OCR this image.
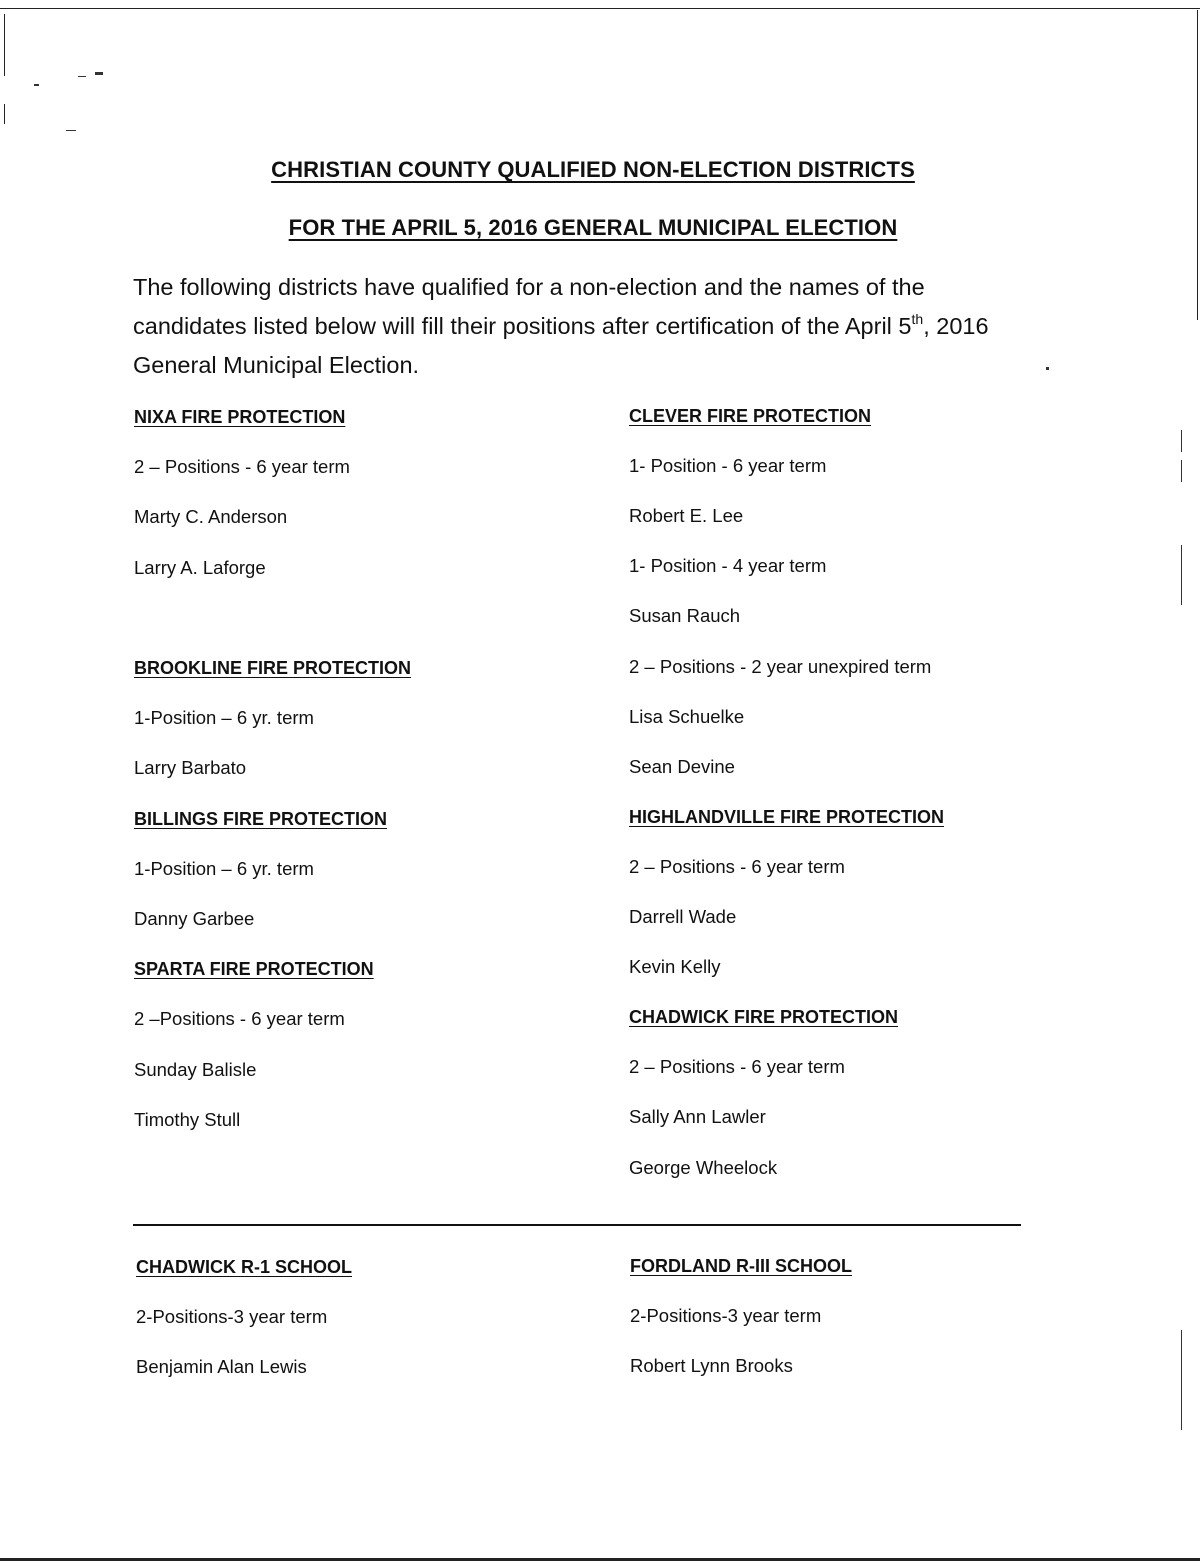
CHRISTIAN COUNTY QUALIFIED NON-ELECTION DISTRICTS
FOR THE APRIL 5, 2016 GENERAL MUNICIPAL ELECTION
The following districts have qualified for a non-election and the names of the candidates listed below will fill their positions after certification of the April 5th, 2016 General Municipal Election.
NIXA FIRE PROTECTION
2 – Positions - 6 year term
Marty C. Anderson
Larry A. Laforge
BROOKLINE FIRE PROTECTION
1-Position – 6 yr. term
Larry Barbato
BILLINGS FIRE PROTECTION
1-Position – 6 yr. term
Danny Garbee
SPARTA FIRE PROTECTION
2 –Positions - 6 year term
Sunday Balisle
Timothy Stull
CLEVER FIRE PROTECTION
1- Position - 6 year term
Robert E. Lee
1- Position - 4 year term
Susan Rauch
2 – Positions - 2 year unexpired term
Lisa Schuelke
Sean Devine
HIGHLANDVILLE FIRE PROTECTION
2 – Positions - 6 year term
Darrell Wade
Kevin Kelly
CHADWICK FIRE PROTECTION
2 – Positions - 6 year term
Sally Ann Lawler
George Wheelock
CHADWICK R-1 SCHOOL
2-Positions-3 year term
Benjamin Alan Lewis
FORDLAND R-III SCHOOL
2-Positions-3 year term
Robert Lynn Brooks
